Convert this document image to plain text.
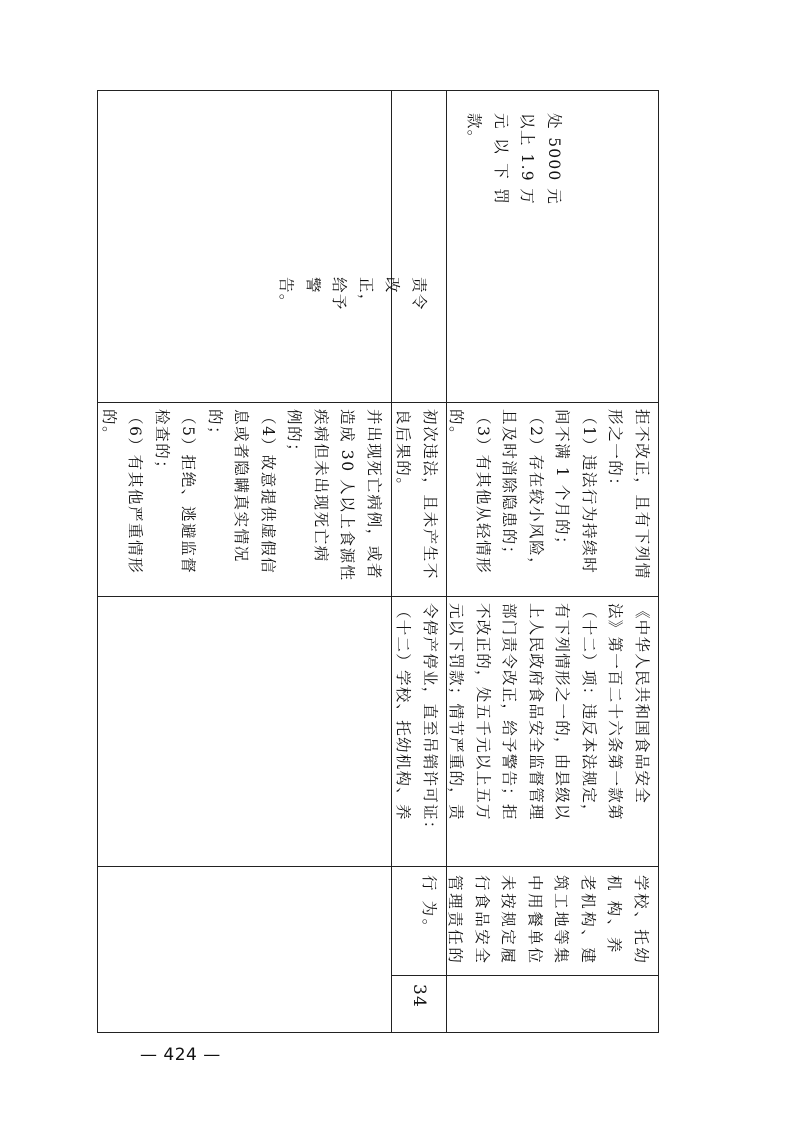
34
学校、托幼
机 构、养
老机构、建
筑工地等集
中用餐单位
未按规定履
行食品安全
管理责任的
行 为。
《中华人民共和国食品安全
法》第一百二十六条第一款第
（十二）项：违反本法规定，
有下列情形之一的，由县级以
上人民政府食品安全监督管理
部门责令改正，给予警告；拒
不改正的，处五千元以上五万
元以下罚款；情节严重的，责
令停产停业，直至吊销许可证：
（十二）学校、托幼机构、养
并出现死亡病例，或者
造成 30 人以上食源性
疾病但未出现死亡病
例的；
（4）故意提供虚假信
息或者隐瞒真实情况
的；
（5）拒绝、逃避监督
检查的；
（6）有其他严重情形
的。	初次违法，且未产生不
良后果的。
责令改正，给予警告。
拒不改正，且有下列情
形之一的：
（1）违法行为持续时
间不满 1 个月的；
（2）存在较小风险，
且及时消除隐患的；
（3）有其他从轻情形
的。
处 5000 元以上 1.9 万元以下罚款。
— 424 —
